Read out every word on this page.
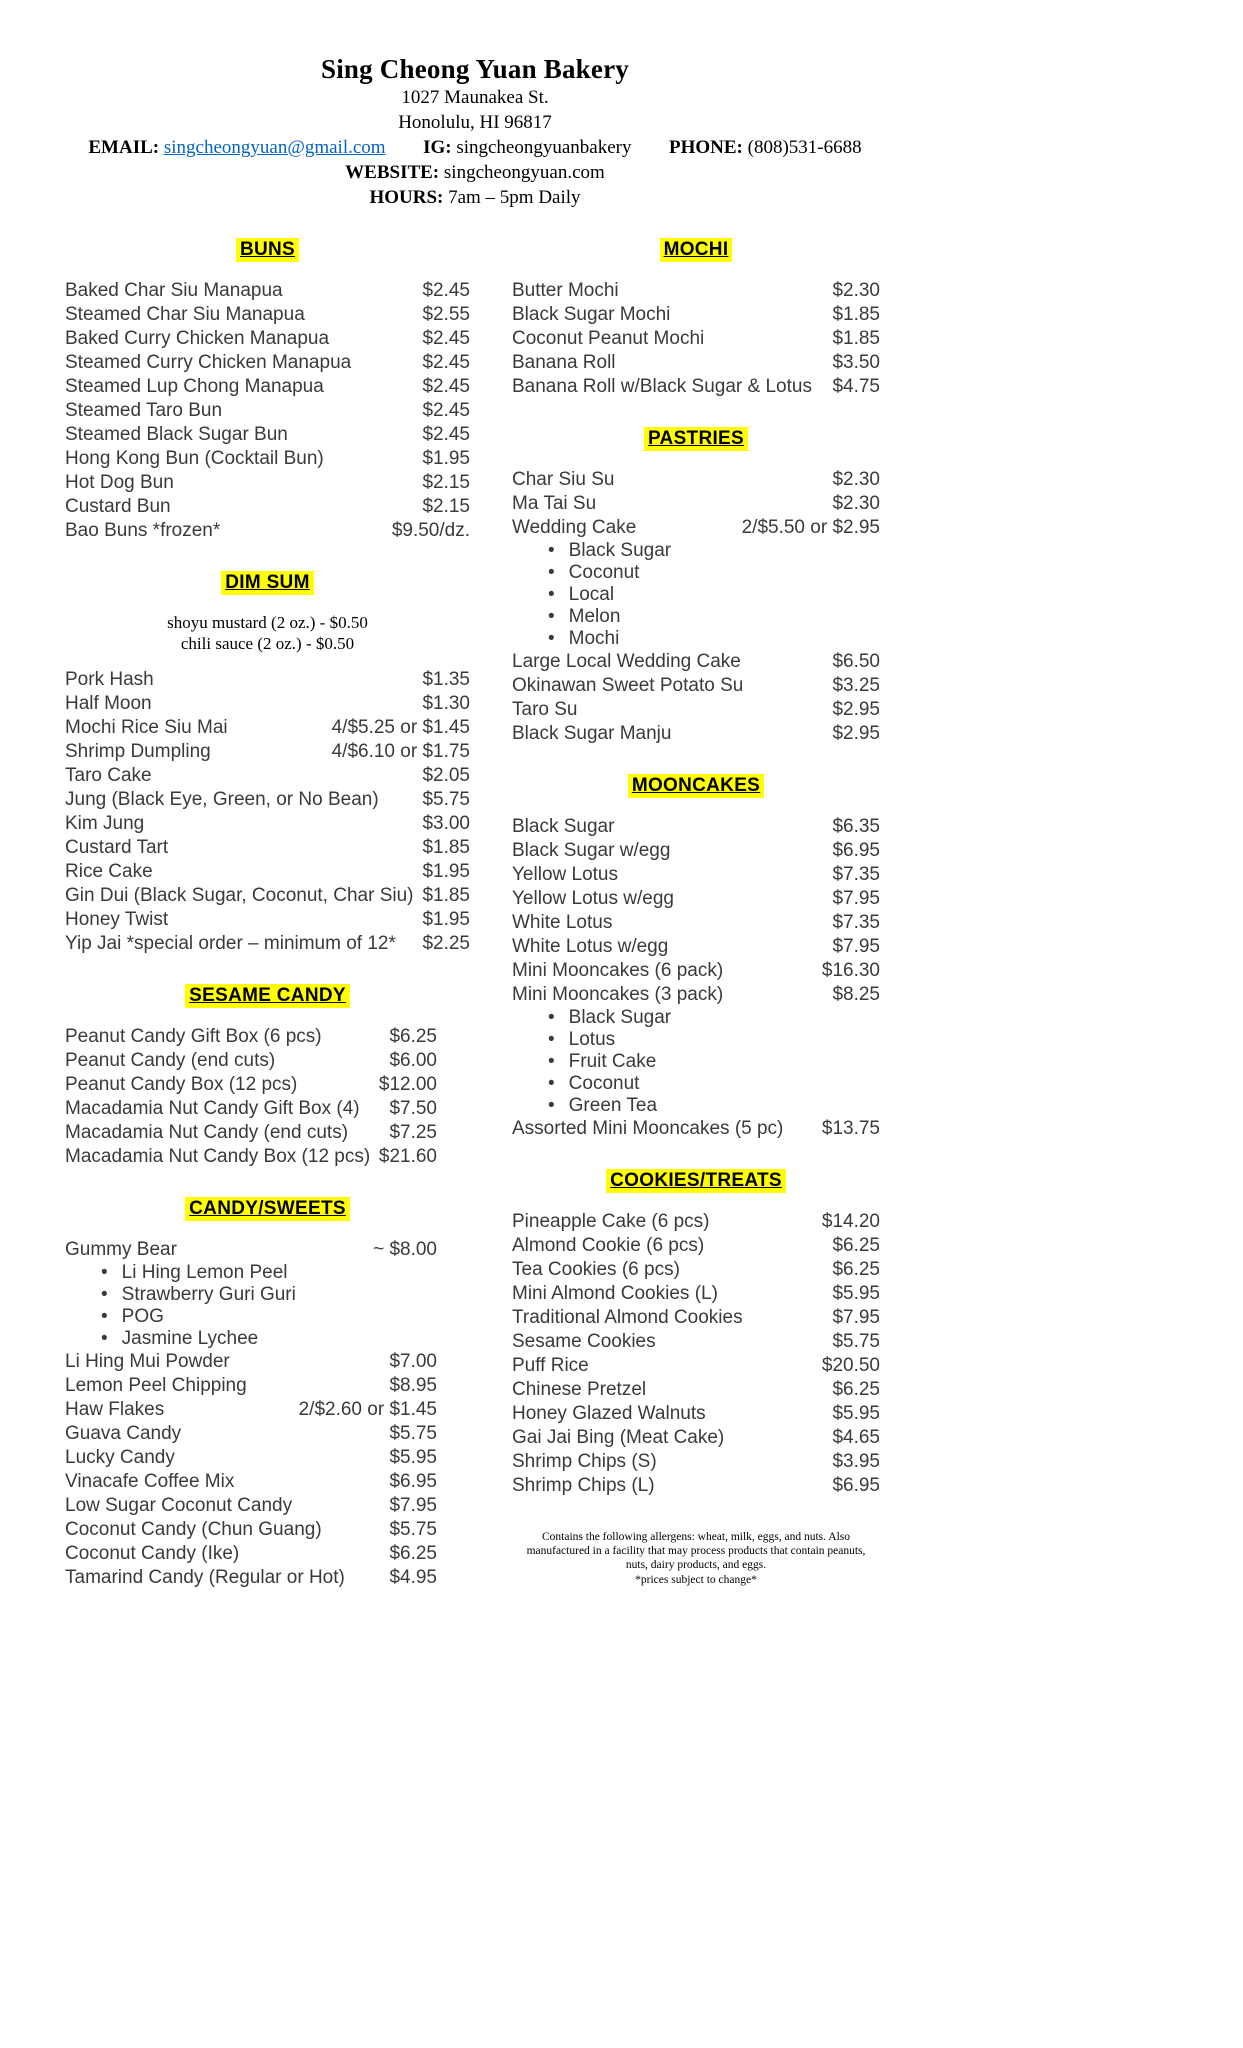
Sing Cheong Yuan Bakery
1027 Maunakea St.
Honolulu, HI 96817
EMAIL: singcheongyuan@gmail.com IG: singcheongyuanbakery PHONE: (808)531-6688
WEBSITE: singcheongyuan.com
HOURS: 7am – 5pm Daily
BUNS
Baked Char Siu Manapua	$2.45
Steamed Char Siu Manapua	$2.55
Baked Curry Chicken Manapua	$2.45
Steamed Curry Chicken Manapua	$2.45
Steamed Lup Chong Manapua	$2.45
Steamed Taro Bun	$2.45
Steamed Black Sugar Bun	$2.45
Hong Kong Bun (Cocktail Bun)	$1.95
Hot Dog Bun	$2.15
Custard Bun	$2.15
Bao Buns *frozen*	$9.50/dz.
DIM SUM
shoyu mustard (2 oz.) - $0.50
chili sauce (2 oz.) - $0.50
Pork Hash	$1.35
Half Moon	$1.30
Mochi Rice Siu Mai	4/$5.25 or $1.45
Shrimp Dumpling	4/$6.10 or $1.75
Taro Cake	$2.05
Jung (Black Eye, Green, or No Bean) $5.75
Kim Jung	$3.00
Custard Tart	$1.85
Rice Cake	$1.95
Gin Dui (Black Sugar, Coconut, Char Siu) $1.85
Honey Twist	$1.95
Yip Jai *special order – minimum of 12* $2.25
SESAME CANDY
Peanut Candy Gift Box (6 pcs)	$6.25
Peanut Candy (end cuts)	$6.00
Peanut Candy Box (12 pcs)	$12.00
Macadamia Nut Candy Gift Box (4) $7.50
Macadamia Nut Candy (end cuts) $7.25
Macadamia Nut Candy Box (12 pcs) $21.60
CANDY/SWEETS
Gummy Bear	~ $8.00
• Li Hing Lemon Peel
• Strawberry Guri Guri
• POG
• Jasmine Lychee
Li Hing Mui Powder	$7.00
Lemon Peel Chipping	$8.95
Haw Flakes	2/$2.60 or $1.45
Guava Candy	$5.75
Lucky Candy	$5.95
Vinacafe Coffee Mix	$6.95
Low Sugar Coconut Candy	$7.95
Coconut Candy (Chun Guang)	$5.75
Coconut Candy (Ike)	$6.25
Tamarind Candy (Regular or Hot) $4.95
MOCHI
Butter Mochi	$2.30
Black Sugar Mochi	$1.85
Coconut Peanut Mochi	$1.85
Banana Roll	$3.50
Banana Roll w/Black Sugar & Lotus $4.75
PASTRIES
Char Siu Su	$2.30
Ma Tai Su	$2.30
Wedding Cake	2/$5.50 or $2.95
• Black Sugar
• Coconut
• Local
• Melon
• Mochi
Large Local Wedding Cake	$6.50
Okinawan Sweet Potato Su	$3.25
Taro Su	$2.95
Black Sugar Manju	$2.95
MOONCAKES
Black Sugar	$6.35
Black Sugar w/egg	$6.95
Yellow Lotus	$7.35
Yellow Lotus w/egg	$7.95
White Lotus	$7.35
White Lotus w/egg	$7.95
Mini Mooncakes (6 pack)	$16.30
Mini Mooncakes (3 pack)	$8.25
• Black Sugar
• Lotus
• Fruit Cake
• Coconut
• Green Tea
Assorted Mini Mooncakes (5 pc) $13.75
COOKIES/TREATS
Pineapple Cake (6 pcs)	$14.20
Almond Cookie (6 pcs)	$6.25
Tea Cookies (6 pcs)	$6.25
Mini Almond Cookies (L)	$5.95
Traditional Almond Cookies	$7.95
Sesame Cookies	$5.75
Puff Rice	$20.50
Chinese Pretzel	$6.25
Honey Glazed Walnuts	$5.95
Gai Jai Bing (Meat Cake)	$4.65
Shrimp Chips (S)	$3.95
Shrimp Chips (L)	$6.95
Contains the following allergens: wheat, milk, eggs, and nuts. Also manufactured in a facility that may process products that contain peanuts, nuts, dairy products, and eggs.
*prices subject to change*
